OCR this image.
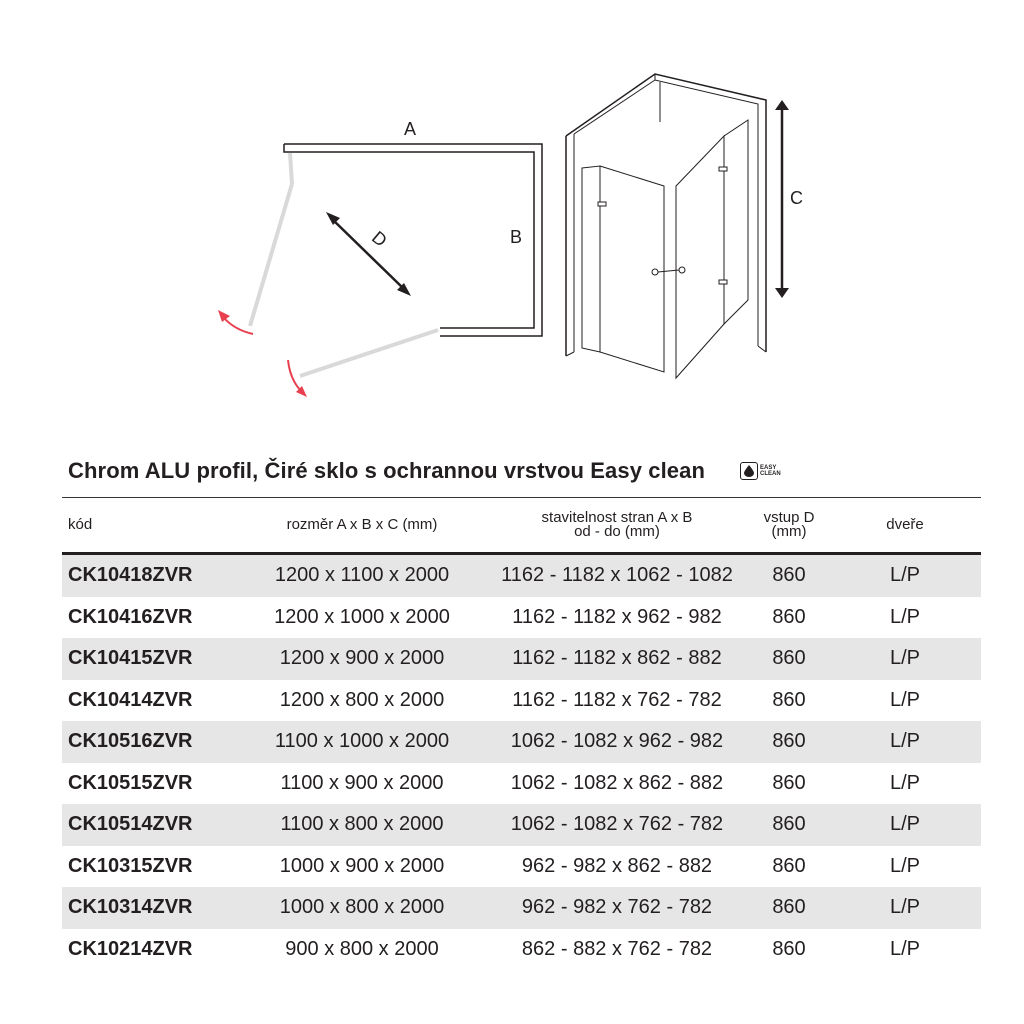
A
B
C
D
Chrom ALU profil, Čiré sklo s ochrannou vrstvou Easy clean	EASY
CLEAN
kód	rozměr A x B x C (mm)	stavitelnost stran A x B
od - do (mm)
vstup D
(mm)	dveře
CK10418ZVR	1200 x 1100 x 2000	1162 - 1182 x 1062 - 1082	860	L/P
CK10416ZVR	1200 x 1000 x 2000	1162 - 1182 x 962 - 982	860	L/P
CK10415ZVR	1200 x 900 x 2000	1162 - 1182 x 862 - 882	860	L/P
CK10414ZVR	1200 x 800 x 2000	1162 - 1182 x 762 - 782	860	L/P
CK10516ZVR	1100 x 1000 x 2000	1062 - 1082 x 962 - 982	860	L/P
CK10515ZVR	1100 x 900 x 2000	1062 - 1082 x 862 - 882	860	L/P
CK10514ZVR	1100 x 800 x 2000	1062 - 1082 x 762 - 782	860	L/P
CK10315ZVR	1000 x 900 x 2000	962 - 982 x 862 - 882	860	L/P
CK10314ZVR	1000 x 800 x 2000	962 - 982 x 762 - 782	860	L/P
CK10214ZVR	900 x 800 x 2000	862 - 882 x 762 - 782	860	L/P
